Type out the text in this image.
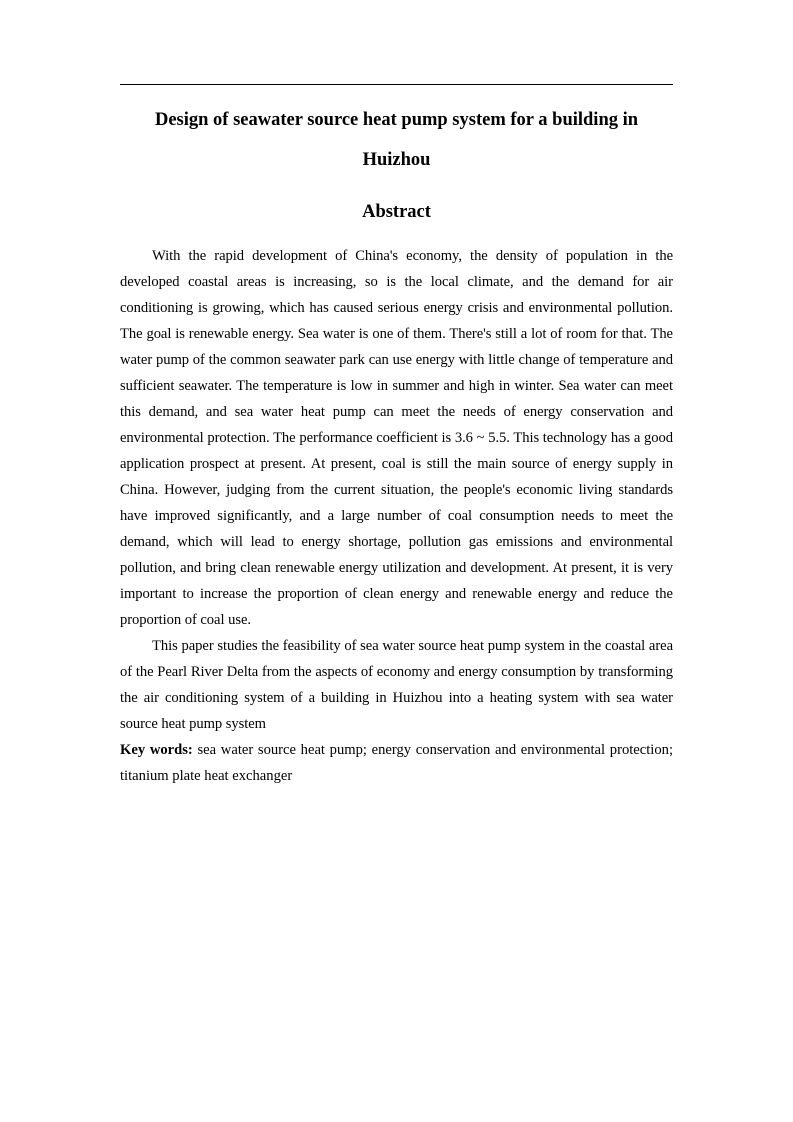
Design of seawater source heat pump system for a building in Huizhou
Abstract

With the rapid development of China's economy, the density of population in the developed coastal areas is increasing, so is the local climate, and the demand for air conditioning is growing, which has caused serious energy crisis and environmental pollution. The goal is renewable energy. Sea water is one of them. There's still a lot of room for that. The water pump of the common seawater park can use energy with little change of temperature and sufficient seawater. The temperature is low in summer and high in winter. Sea water can meet this demand, and sea water heat pump can meet the needs of energy conservation and environmental protection. The performance coefficient is 3.6 ~ 5.5. This technology has a good application prospect at present. At present, coal is still the main source of energy supply in China. However, judging from the current situation, the people's economic living standards have improved significantly, and a large number of coal consumption needs to meet the demand, which will lead to energy shortage, pollution gas emissions and environmental pollution, and bring clean renewable energy utilization and development. At present, it is very important to increase the proportion of clean energy and renewable energy and reduce the proportion of coal use.

This paper studies the feasibility of sea water source heat pump system in the coastal area of the Pearl River Delta from the aspects of economy and energy consumption by transforming the air conditioning system of a building in Huizhou into a heating system with sea water source heat pump system

Key words: sea water source heat pump; energy conservation and environmental protection; titanium plate heat exchanger
